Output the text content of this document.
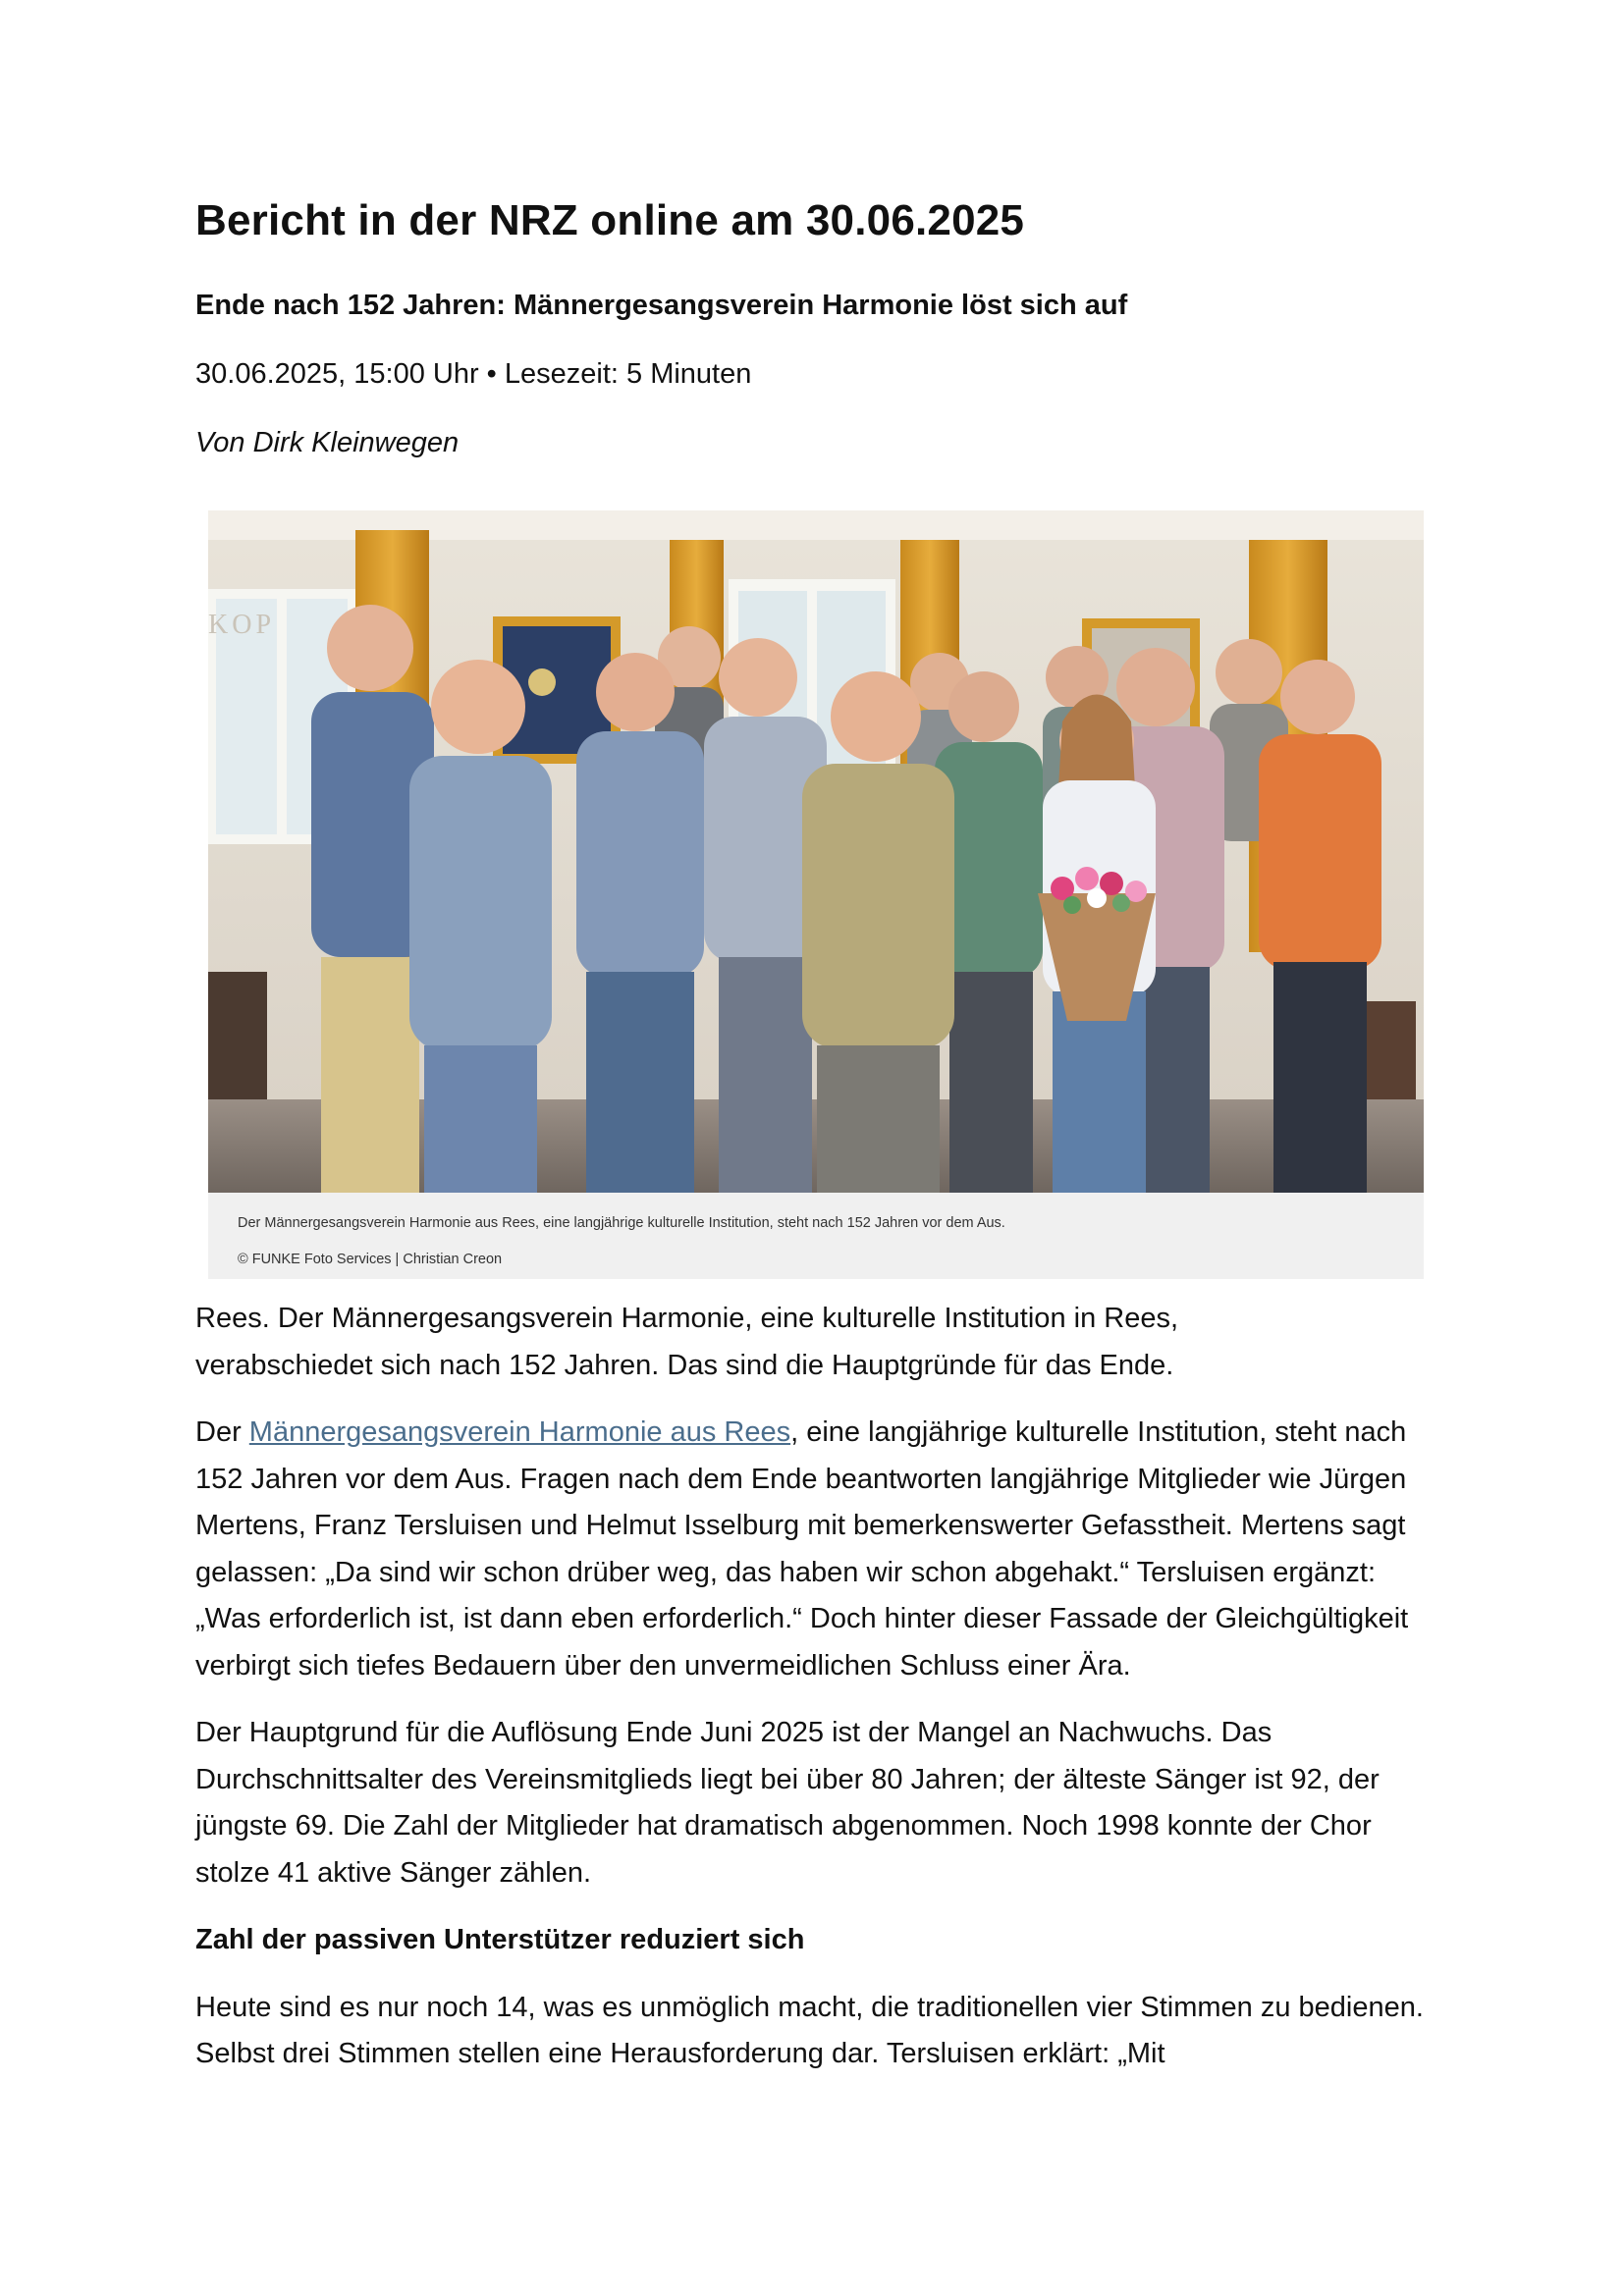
Bericht in der NRZ online am 30.06.2025
Ende nach 152 Jahren: Männergesangsverein Harmonie löst sich auf

30.06.2025, 15:00 Uhr • Lesezeit: 5 Minuten

Von Dirk Kleinwegen

KOP
Der Männergesangsverein Harmonie aus Rees, eine langjährige kulturelle Institution, steht nach 152 Jahren vor dem Aus.
© FUNKE Foto Services | Christian Creon

Rees. Der Männergesangsverein Harmonie, eine kulturelle Institution in Rees,
verabschiedet sich nach 152 Jahren. Das sind die Hauptgründe für das Ende.

Der Männergesangsverein Harmonie aus Rees, eine langjährige kulturelle Institution, steht nach 152 Jahren vor dem Aus. Fragen nach dem Ende beantworten langjährige Mitglieder wie Jürgen Mertens, Franz Tersluisen und Helmut Isselburg mit bemerkenswerter Gefasstheit. Mertens sagt gelassen: „Da sind wir schon drüber weg, das haben wir schon abgehakt.“ Tersluisen ergänzt: „Was erforderlich ist, ist dann eben erforderlich.“ Doch hinter dieser Fassade der Gleichgültigkeit verbirgt sich tiefes Bedauern über den unvermeidlichen Schluss einer Ära.

Der Hauptgrund für die Auflösung Ende Juni 2025 ist der Mangel an Nachwuchs. Das Durchschnittsalter des Vereinsmitglieds liegt bei über 80 Jahren; der älteste Sänger ist 92, der jüngste 69. Die Zahl der Mitglieder hat dramatisch abgenommen. Noch 1998 konnte der Chor stolze 41 aktive Sänger zählen.

Zahl der passiven Unterstützer reduziert sich

Heute sind es nur noch 14, was es unmöglich macht, die traditionellen vier Stimmen zu bedienen. Selbst drei Stimmen stellen eine Herausforderung dar. Tersluisen erklärt: „Mit
